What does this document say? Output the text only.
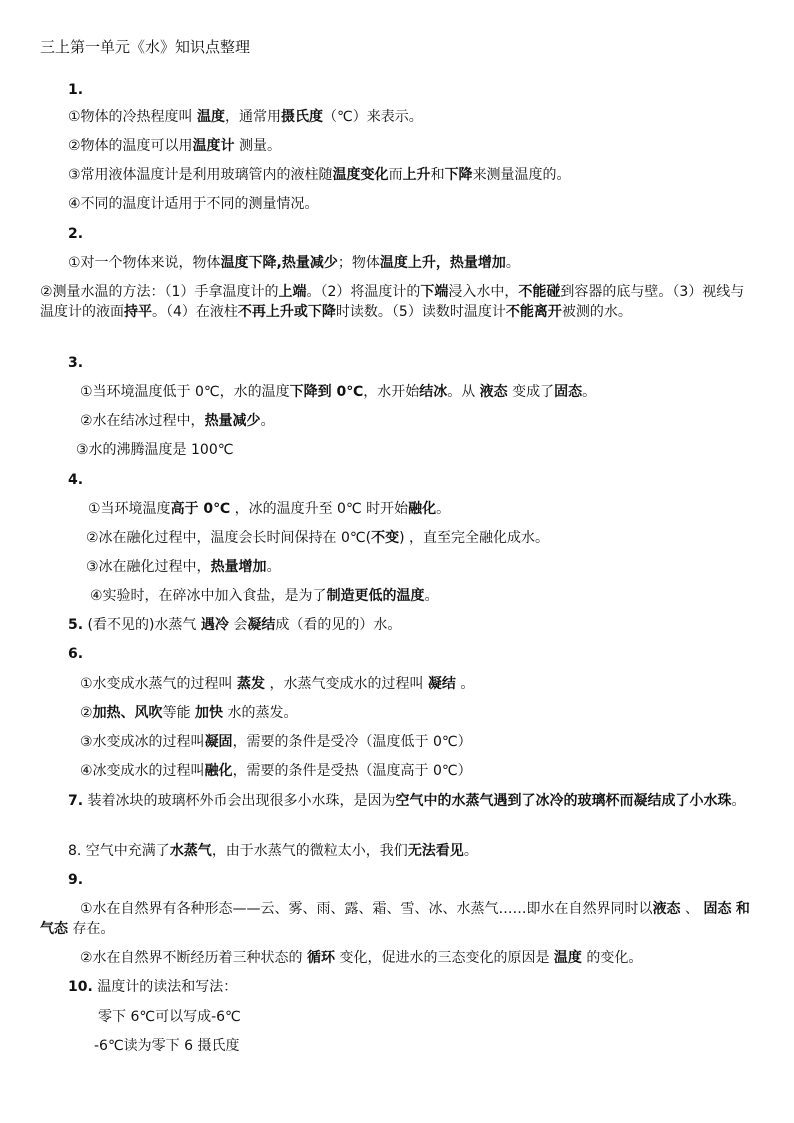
三上第一单元《水》知识点整理
1.
①物体的冷热程度叫 温度，通常用摄氏度（℃）来表示。
②物体的温度可以用温度计 测量。
③常用液体温度计是利用玻璃管内的液柱随温度变化而上升和下降来测量温度的。
④不同的温度计适用于不同的测量情况。
2.
①对一个物体来说，物体温度下降,热量减少；物体温度上升，热量增加。
②测量水温的方法：（1）手拿温度计的上端。（2）将温度计的下端浸入水中，不能碰到容器的底与壁。（3）视线与温度计的液面持平。（4）在液柱不再上升或下降时读数。（5）读数时温度计不能离开被测的水。
3.
①当环境温度低于 0℃，水的温度下降到 0℃，水开始结冰。从 液态 变成了固态。
②水在结冰过程中，热量减少。
③水的沸腾温度是 100℃
4.
①当环境温度高于 0℃ ，冰的温度升至 0℃ 时开始融化。
②冰在融化过程中，温度会长时间保持在 0℃(不变) ，直至完全融化成水。
③冰在融化过程中，热量增加。
④实验时，在碎冰中加入食盐，是为了制造更低的温度。
5. (看不见的)水蒸气 遇冷 会凝结成（看的见的）水。
6.
①水变成水蒸气的过程叫 蒸发 ，水蒸气变成水的过程叫 凝结 。
②加热、风吹等能 加快 水的蒸发。
③水变成冰的过程叫凝固，需要的条件是受冷（温度低于 0℃）
④冰变成水的过程叫融化，需要的条件是受热（温度高于 0℃）
7. 装着冰块的玻璃杯外币会出现很多小水珠，是因为空气中的水蒸气遇到了冰冷的玻璃杯而凝结成了小水珠。
8. 空气中充满了水蒸气，由于水蒸气的微粒太小，我们无法看见。
9.
①水在自然界有各种形态——云、雾、雨、露、霜、雪、冰、水蒸气……即水在自然界同时以液态 、 固态 和 气态 存在。
②水在自然界不断经历着三种状态的 循环 变化，促进水的三态变化的原因是 温度 的变化。
10. 温度计的读法和写法：
零下 6℃可以写成-6℃
-6℃读为零下 6 摄氏度
